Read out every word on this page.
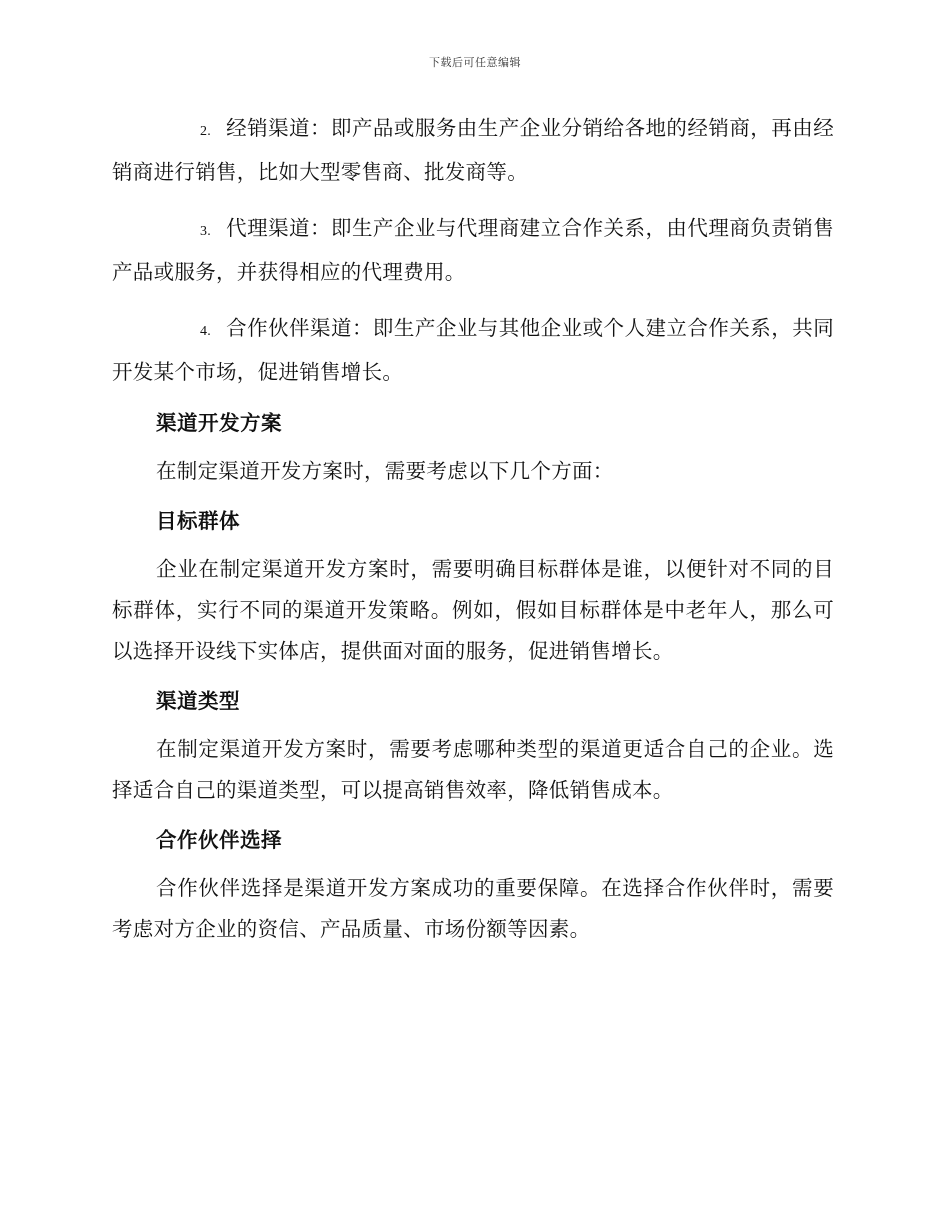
下载后可任意编辑

2. 经销渠道：即产品或服务由生产企业分销给各地的经销商，再由经销商进行销售，比如大型零售商、批发商等。

3. 代理渠道：即生产企业与代理商建立合作关系，由代理商负责销售产品或服务，并获得相应的代理费用。

4. 合作伙伴渠道：即生产企业与其他企业或个人建立合作关系，共同开发某个市场，促进销售增长。

渠道开发方案

在制定渠道开发方案时，需要考虑以下几个方面：

目标群体

企业在制定渠道开发方案时，需要明确目标群体是谁，以便针对不同的目标群体，实行不同的渠道开发策略。例如，假如目标群体是中老年人，那么可以选择开设线下实体店，提供面对面的服务，促进销售增长。

渠道类型

在制定渠道开发方案时，需要考虑哪种类型的渠道更适合自己的企业。选择适合自己的渠道类型，可以提高销售效率，降低销售成本。

合作伙伴选择

合作伙伴选择是渠道开发方案成功的重要保障。在选择合作伙伴时，需要考虑对方企业的资信、产品质量、市场份额等因素。
